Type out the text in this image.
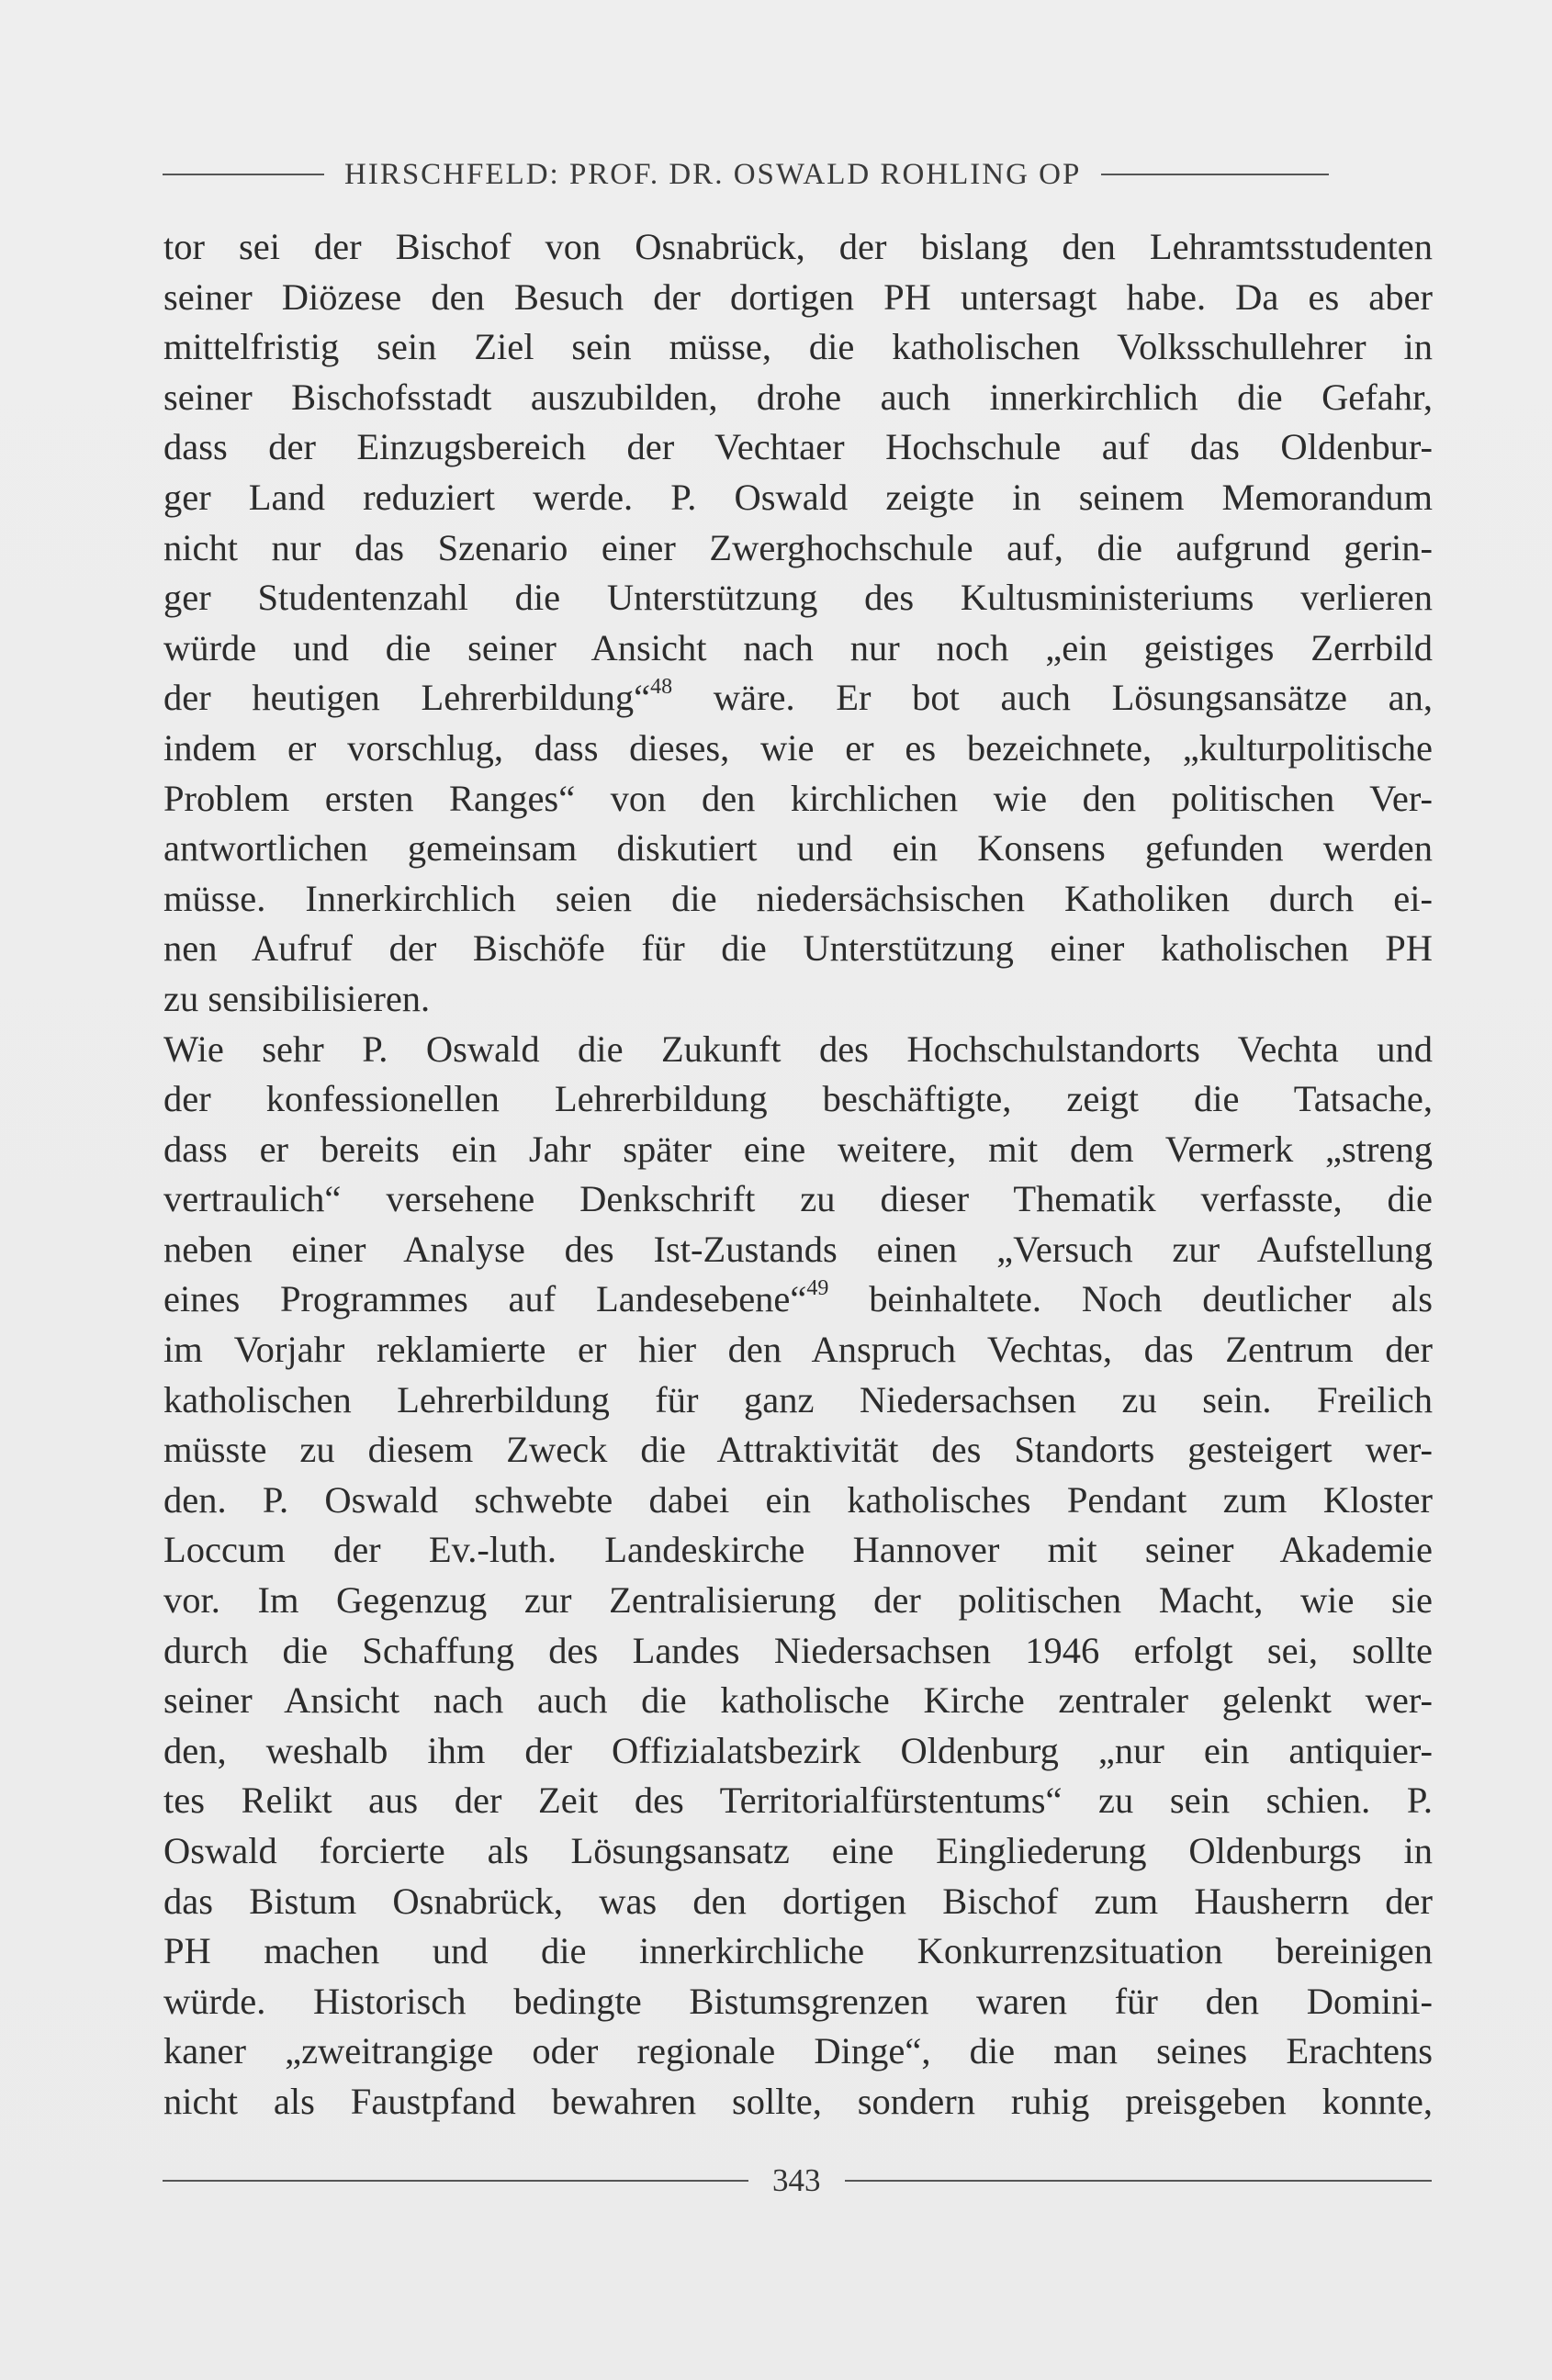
HIRSCHFELD: PROF. DR. OSWALD ROHLING OP
tor sei der Bischof von Osnabrück, der bislang den Lehramtsstudenten
seiner Diözese den Besuch der dortigen PH untersagt habe. Da es aber
mittelfristig sein Ziel sein müsse, die katholischen Volksschullehrer in
seiner Bischofsstadt auszubilden, drohe auch innerkirchlich die Gefahr,
dass der Einzugsbereich der Vechtaer Hochschule auf das Oldenbur-
ger Land reduziert werde. P. Oswald zeigte in seinem Memorandum
nicht nur das Szenario einer Zwerghochschule auf, die aufgrund gerin-
ger Studentenzahl die Unterstützung des Kultusministeriums verlieren
würde und die seiner Ansicht nach nur noch „ein geistiges Zerrbild
der heutigen Lehrerbildung“$^{48}$ wäre. Er bot auch Lösungsansätze an,
indem er vorschlug, dass dieses, wie er es bezeichnete, „kulturpolitische
Problem ersten Ranges“ von den kirchlichen wie den politischen Ver-
antwortlichen gemeinsam diskutiert und ein Konsens gefunden werden
müsse. Innerkirchlich seien die niedersächsischen Katholiken durch ei-
nen Aufruf der Bischöfe für die Unterstützung einer katholischen PH
zu sensibilisieren.
Wie sehr P. Oswald die Zukunft des Hochschulstandorts Vechta und
der konfessionellen Lehrerbildung beschäftigte, zeigt die Tatsache,
dass er bereits ein Jahr später eine weitere, mit dem Vermerk „streng
vertraulich“ versehene Denkschrift zu dieser Thematik verfasste, die
neben einer Analyse des Ist-Zustands einen „Versuch zur Aufstellung
eines Programmes auf Landesebene“$^{49}$ beinhaltete. Noch deutlicher als
im Vorjahr reklamierte er hier den Anspruch Vechtas, das Zentrum der
katholischen Lehrerbildung für ganz Niedersachsen zu sein. Freilich
müsste zu diesem Zweck die Attraktivität des Standorts gesteigert wer-
den. P. Oswald schwebte dabei ein katholisches Pendant zum Kloster
Loccum der Ev.-luth. Landeskirche Hannover mit seiner Akademie
vor. Im Gegenzug zur Zentralisierung der politischen Macht, wie sie
durch die Schaffung des Landes Niedersachsen 1946 erfolgt sei, sollte
seiner Ansicht nach auch die katholische Kirche zentraler gelenkt wer-
den, weshalb ihm der Offizialatsbezirk Oldenburg „nur ein antiquier-
tes Relikt aus der Zeit des Territorialfürstentums“ zu sein schien. P.
Oswald forcierte als Lösungsansatz eine Eingliederung Oldenburgs in
das Bistum Osnabrück, was den dortigen Bischof zum Hausherrn der
PH machen und die innerkirchliche Konkurrenzsituation bereinigen
würde. Historisch bedingte Bistumsgrenzen waren für den Domini-
kaner „zweitrangige oder regionale Dinge“, die man seines Erachtens
nicht als Faustpfand bewahren sollte, sondern ruhig preisgeben konnte,
343
